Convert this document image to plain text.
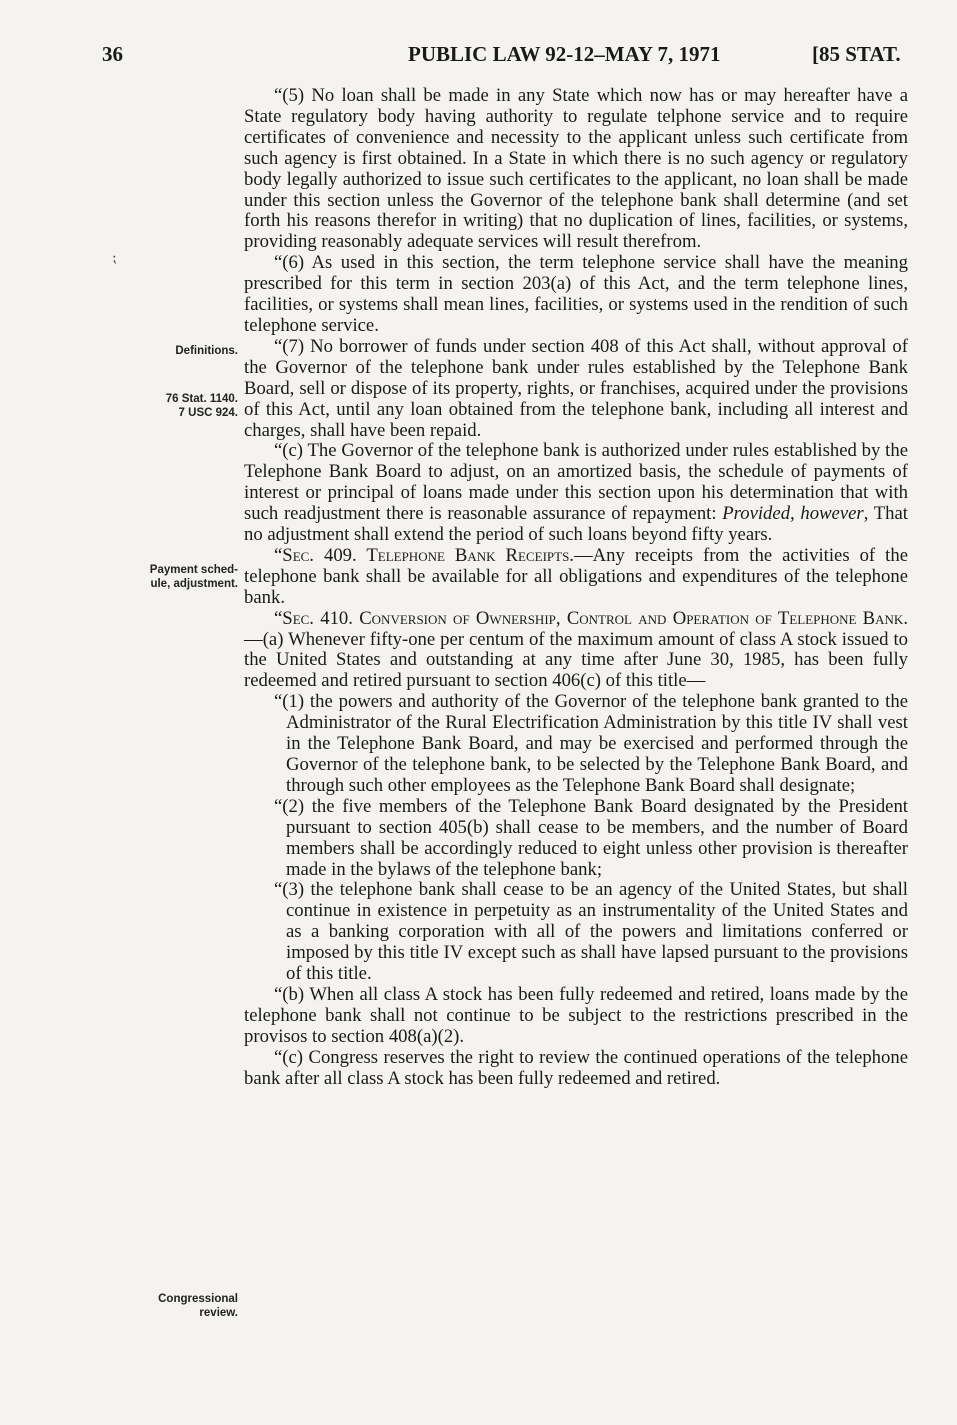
36	PUBLIC LAW 92-12–MAY 7, 1971	[85 STAT.
⁏
Definitions.
76 Stat. 1140.
7 USC 924.
Payment sched-
ule, adjustment.
Congressional
review.

“(5) No loan shall be made in any State which now has or may hereafter have a State regulatory body having authority to regulate telphone service and to require certificates of convenience and necessity to the applicant unless such certificate from such agency is first obtained. In a State in which there is no such agency or regulatory body legally authorized to issue such certificates to the applicant, no loan shall be made under this section unless the Governor of the telephone bank shall determine (and set forth his reasons therefor in writing) that no duplication of lines, facilities, or systems, providing reasonably adequate services will result therefrom.

“(6) As used in this section, the term telephone service shall have the meaning prescribed for this term in section 203(a) of this Act, and the term telephone lines, facilities, or systems shall mean lines, facilities, or systems used in the rendition of such telephone service.

“(7) No borrower of funds under section 408 of this Act shall, without approval of the Governor of the telephone bank under rules established by the Telephone Bank Board, sell or dispose of its property, rights, or franchises, acquired under the provisions of this Act, until any loan obtained from the telephone bank, including all interest and charges, shall have been repaid.

“(c) The Governor of the telephone bank is authorized under rules established by the Telephone Bank Board to adjust, on an amortized basis, the schedule of payments of interest or principal of loans made under this section upon his determination that with such readjustment there is reasonable assurance of repayment: Provided, however, That no adjustment shall extend the period of such loans beyond fifty years.

“Sec. 409. Telephone Bank Receipts.—Any receipts from the activities of the telephone bank shall be available for all obligations and expenditures of the telephone bank.

“Sec. 410. Conversion of Ownership, Control and Operation of Telephone Bank.—(a) Whenever fifty-one per centum of the maximum amount of class A stock issued to the United States and outstanding at any time after June 30, 1985, has been fully redeemed and retired pursuant to section 406(c) of this title—

“(1) the powers and authority of the Governor of the telephone bank granted to the Administrator of the Rural Electrification Administration by this title IV shall vest in the Telephone Bank Board, and may be exercised and performed through the Governor of the telephone bank, to be selected by the Telephone Bank Board, and through such other employees as the Telephone Bank Board shall designate;

“(2) the five members of the Telephone Bank Board designated by the President pursuant to section 405(b) shall cease to be members, and the number of Board members shall be accordingly reduced to eight unless other provision is thereafter made in the bylaws of the telephone bank;

“(3) the telephone bank shall cease to be an agency of the United States, but shall continue in existence in perpetuity as an instrumentality of the United States and as a banking corporation with all of the powers and limitations conferred or imposed by this title IV except such as shall have lapsed pursuant to the provisions of this title.

“(b) When all class A stock has been fully redeemed and retired, loans made by the telephone bank shall not continue to be subject to the restrictions prescribed in the provisos to section 408(a)(2).

“(c) Congress reserves the right to review the continued operations of the telephone bank after all class A stock has been fully redeemed and retired.
